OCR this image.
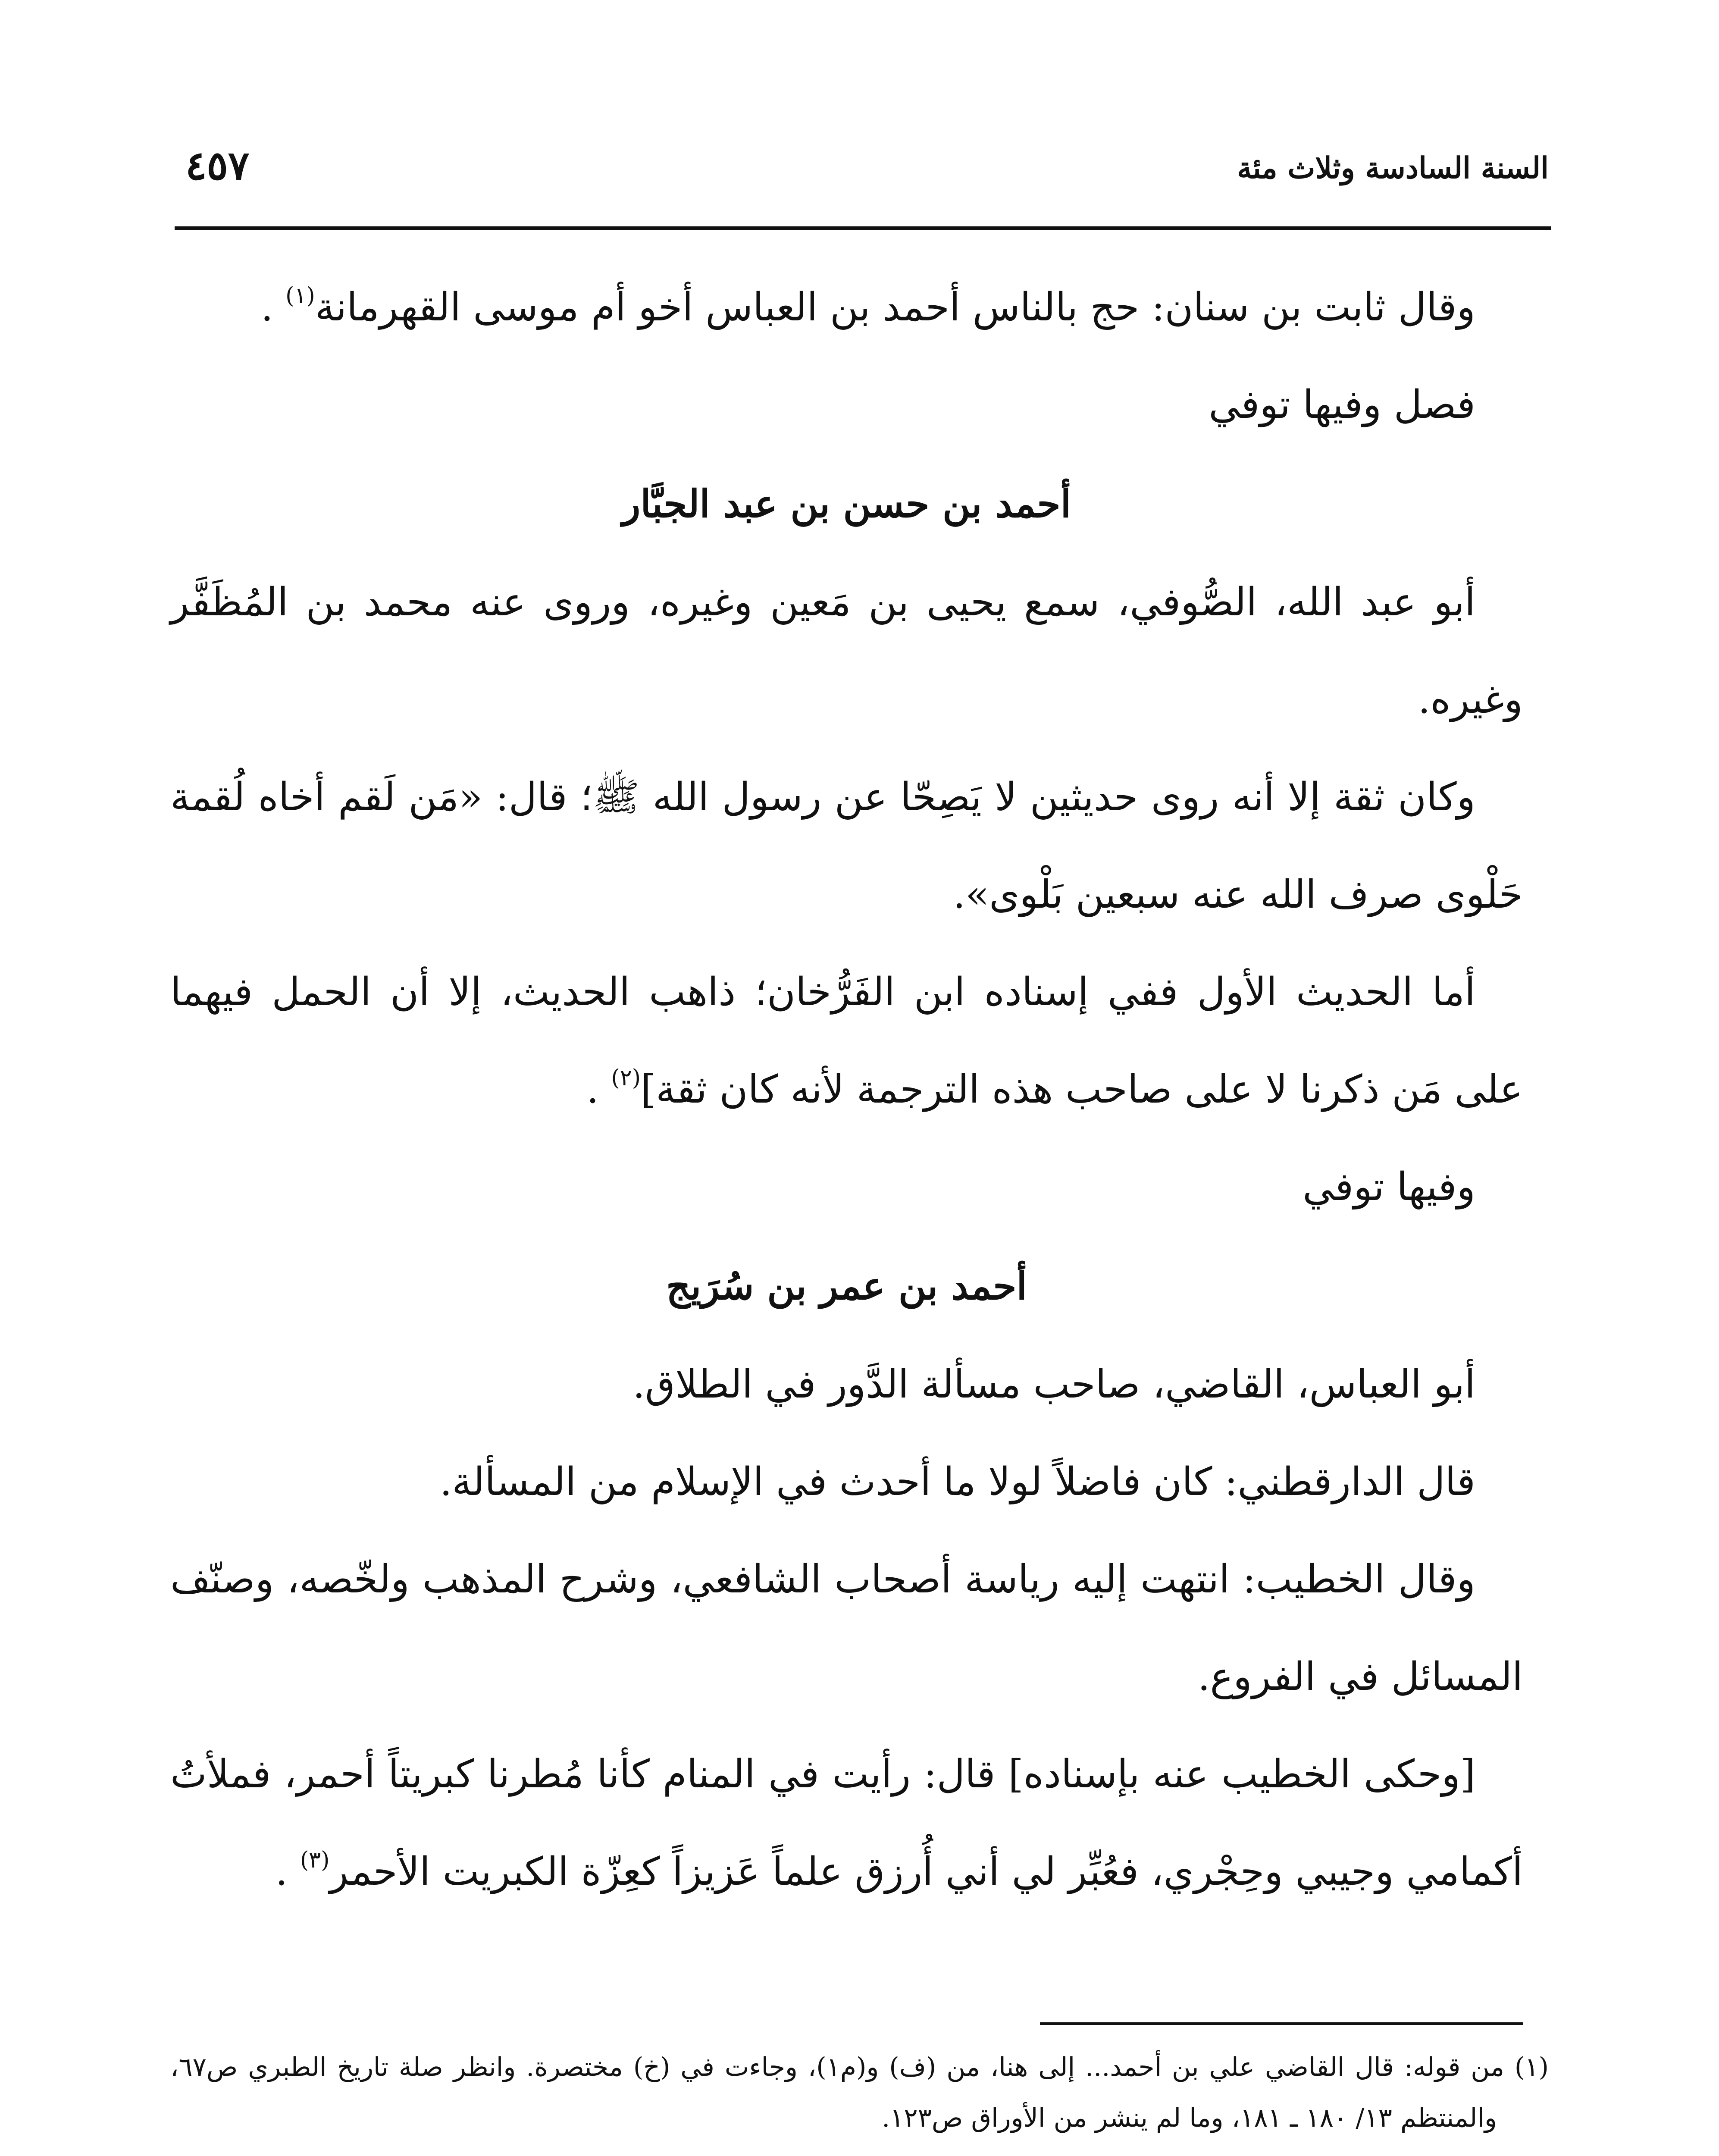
السنة السادسة وثلاث مئة
٤٥٧

وقال ثابت بن سنان: حج بالناس أحمد بن العباس أخو أم موسى القهرمانة$^{(١)}$ .

فصل وفيها توفي

أحمد بن حسن بن عبد الجبَّار

أبو عبد الله، الصُّوفي، سمع يحيى بن مَعين وغيره، وروى عنه محمد بن المُظَفَّر وغيره.

وكان ثقة إلا أنه روى حديثين لا يَصِحّا عن رسول الله ﷺ؛ قال: «مَن لَقم أخاه لُقمة حَلْوى صرف الله عنه سبعين بَلْوى».

أما الحديث الأول ففي إسناده ابن الفَرُّخان؛ ذاهب الحديث، إلا أن الحمل فيهما على مَن ذكرنا لا على صاحب هذه الترجمة لأنه كان ثقة]$^{(٢)}$ .

وفيها توفي

أحمد بن عمر بن سُرَيج

أبو العباس، القاضي، صاحب مسألة الدَّور في الطلاق.

قال الدارقطني: كان فاضلاً لولا ما أحدث في الإسلام من المسألة.

وقال الخطيب: انتهت إليه رياسة أصحاب الشافعي، وشرح المذهب ولخّصه، وصنّف المسائل في الفروع.

[وحكى الخطيب عنه بإسناده] قال: رأيت في المنام كأنا مُطرنا كبريتاً أحمر، فملأتُ أكمامي وجيبي وحِجْري، فعُبِّر لي أني أُرزق علماً عَزيزاً كعِزّة الكبريت الأحمر$^{(٣)}$ .

(١) من قوله: قال القاضي علي بن أحمد... إلى هنا، من (ف) و(م١)، وجاءت في (خ) مختصرة. وانظر صلة تاريخ الطبري ص٦٧، والمنتظم ١٣/ ١٨٠ ـ ١٨١، وما لم ينشر من الأوراق ص١٢٣.
